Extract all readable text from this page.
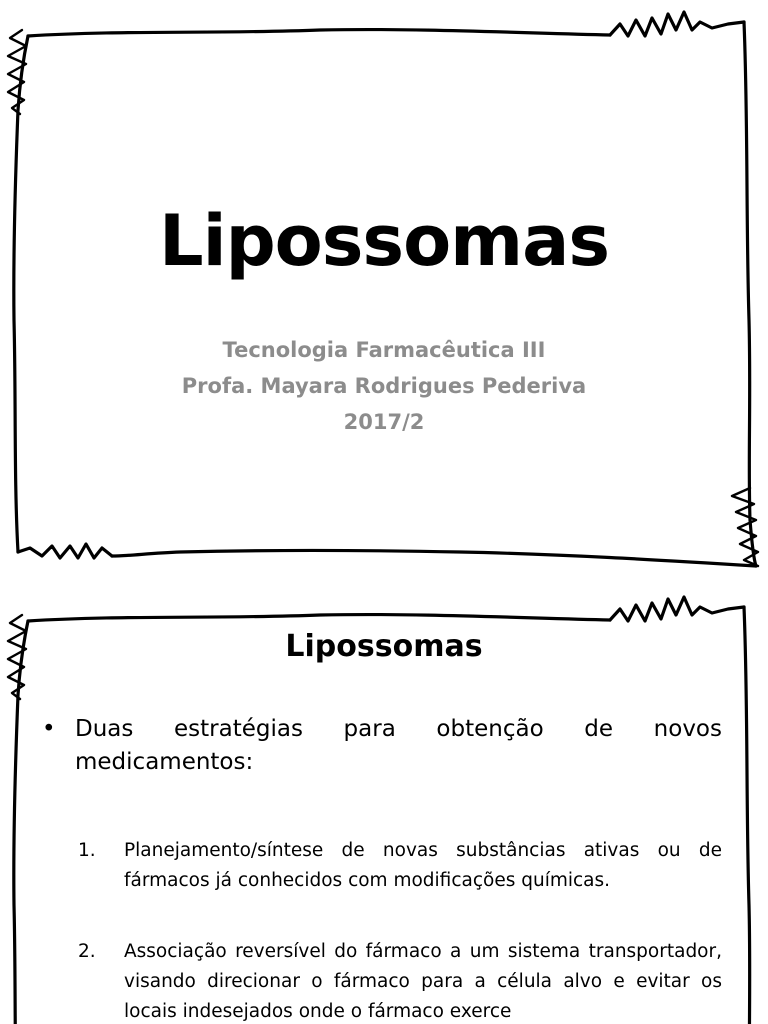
Lipossomas
Tecnologia Farmacêutica III
Profa. Mayara Rodrigues Pederiva
2017/2
Lipossomas
• Duas estratégias para obtenção de novos medicamentos:
1. Planejamento/síntese de novas substâncias ativas ou de fármacos já conhecidos com modificações químicas.
2. Associação reversível do fármaco a um sistema transportador, visando direcionar o fármaco para a célula alvo e evitar os locais indesejados onde o fármaco exerce
